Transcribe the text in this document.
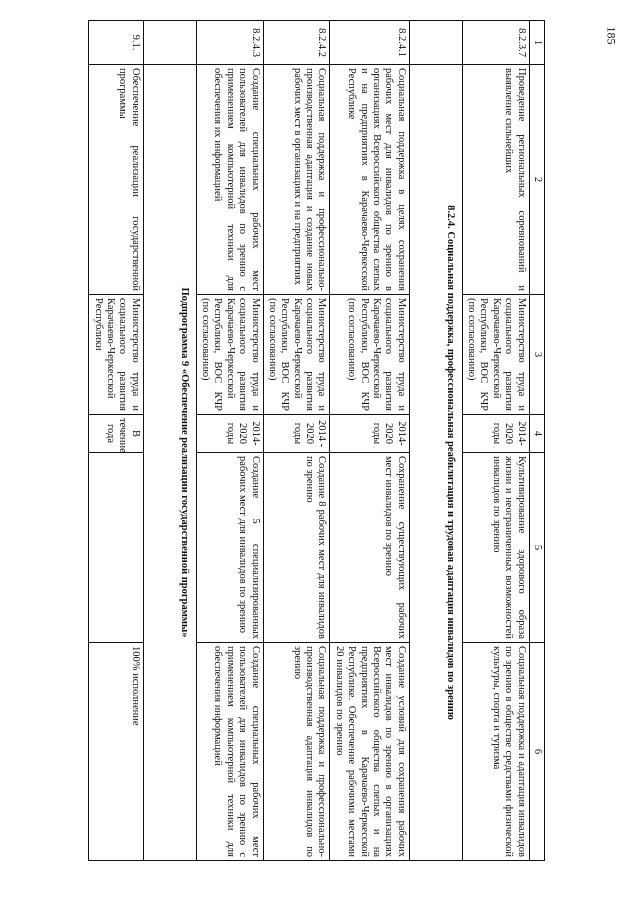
185
1	2	3	4	5	6
8.2.3.7	Проведение региональных соревнований и выявление сильнейших	Министерство труда и социального развития Карачаево-Черкесской Республики, ВОС КЧР (по согласованию)	2014-2020 годы	Культивирование здорового образа жизни и неограниченных возможностей инвалидов по зрению	Социальная поддержка и адаптация инвалидов по зрению в обществе средствами физической культуры, спорта и туризма
	8.2.4. Социальная поддержка, профессиональная реабилитация и трудовая адаптация инвалидов по зрению				
8.2.4.1	Социальная поддержка в целях сохранения рабочих мест для инвалидов по зрению в организациях Всероссийского общества слепых и на предприятиях в Карачаево-Черкесской Республике	Министерство труда и социального развития Карачаево-Черкесской Республики, ВОС КЧР (по согласованию)	2014-2020 годы	Сохранение существующих рабочих мест инвалидов по зрению	Создание условий для сохранения рабочих мест инвалидов по зрению в организациях Всероссийского общества слепых и на предприятиях в Карачаево-Черкесской Республике. Обеспечение рабочими местами 20 инвалидов по зрению
8.2.4.2	Социальная поддержка и профессионально-производственная адаптация и создание новых рабочих мест в организациях и на предприятиях	Министерство труда и социального развития Карачаево-Черкесской Республики, ВОС КЧР (по согласованию)	2014 - 2020 годы	Создание 8 рабочих мест для инвалидов по зрению	Социальная поддержка и профессионально-производственная адаптация инвалидов по зрению
8.2.4.3	Создание специальных рабочих мест пользователей для инвалидов по зрению с применением компьютерной техники для обеспечения их информацией	Министерство труда и социального развития Карачаево-Черкесской Республики, ВОС КЧР (по согласованию)	2014-2020 годы	Создание 5 специализированных рабочих мест для инвалидов по зрению	Создание специальных рабочих мест пользователей для инвалидов по зрению с применением компьютерной техники для обеспечения информацией
	Подпрограмма 9 «Обеспечение реализации государственной программы»				
9.1.	Обеспечение реализации государственной программы	Министерство труда и социального развития Карачаево-Черкесской Республики	В течение года		100% исполнение
